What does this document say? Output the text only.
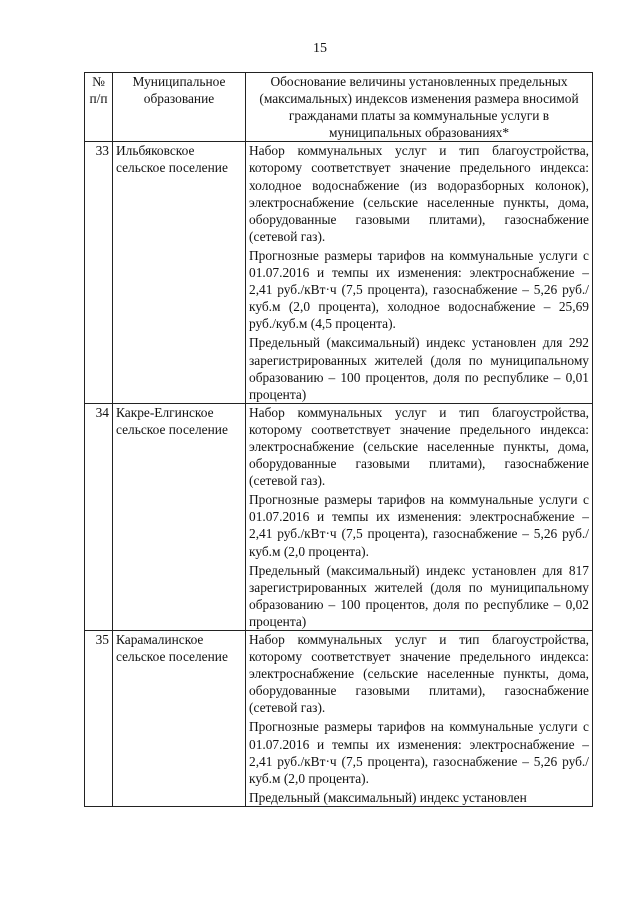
15
№ п/п	Муниципальное образование	Обоснование величины установленных предельных (максимальных) индексов изменения размера вносимой гражданами платы за коммунальные услуги в муниципальных образованиях*
33	Ильбяковское сельское поселение	Набор коммунальных услуг и тип благоустройства, которому соответствует значение предельного индекса: холодное водоснабжение (из водоразборных колонок), электроснабжение (сельские населенные пункты, дома, оборудованные газовыми плитами), газоснабжение (сетевой газ).

Прогнозные размеры тарифов на коммунальные услуги с 01.07.2016 и темпы их изменения: электроснабжение – 2,41 руб./кВт·ч (7,5 процента), газоснабжение – 5,26 руб./куб.м (2,0 процента), холодное водоснабжение – 25,69 руб./куб.м (4,5 процента).

Предельный (максимальный) индекс установлен для 292 зарегистрированных жителей (доля по муниципальному образованию – 100 процентов, доля по республике – 0,01 процента)

34	Какре-Елгинское сельское поселение	Набор коммунальных услуг и тип благоустройства, которому соответствует значение предельного индекса: электроснабжение (сельские населенные пункты, дома, оборудованные газовыми плитами), газоснабжение (сетевой газ).

Прогнозные размеры тарифов на коммунальные услуги с 01.07.2016 и темпы их изменения: электроснабжение – 2,41 руб./кВт·ч (7,5 процента), газоснабжение – 5,26 руб./куб.м (2,0 процента).

Предельный (максимальный) индекс установлен для 817 зарегистрированных жителей (доля по муниципальному образованию – 100 процентов, доля по республике – 0,02 процента)

35	Карамалинское сельское поселение	Набор коммунальных услуг и тип благоустройства, которому соответствует значение предельного индекса: электроснабжение (сельские населенные пункты, дома, оборудованные газовыми плитами), газоснабжение (сетевой газ).

Прогнозные размеры тарифов на коммунальные услуги с 01.07.2016 и темпы их изменения: электроснабжение – 2,41 руб./кВт·ч (7,5 процента), газоснабжение – 5,26 руб./куб.м (2,0 процента).

Предельный (максимальный) индекс установлен
